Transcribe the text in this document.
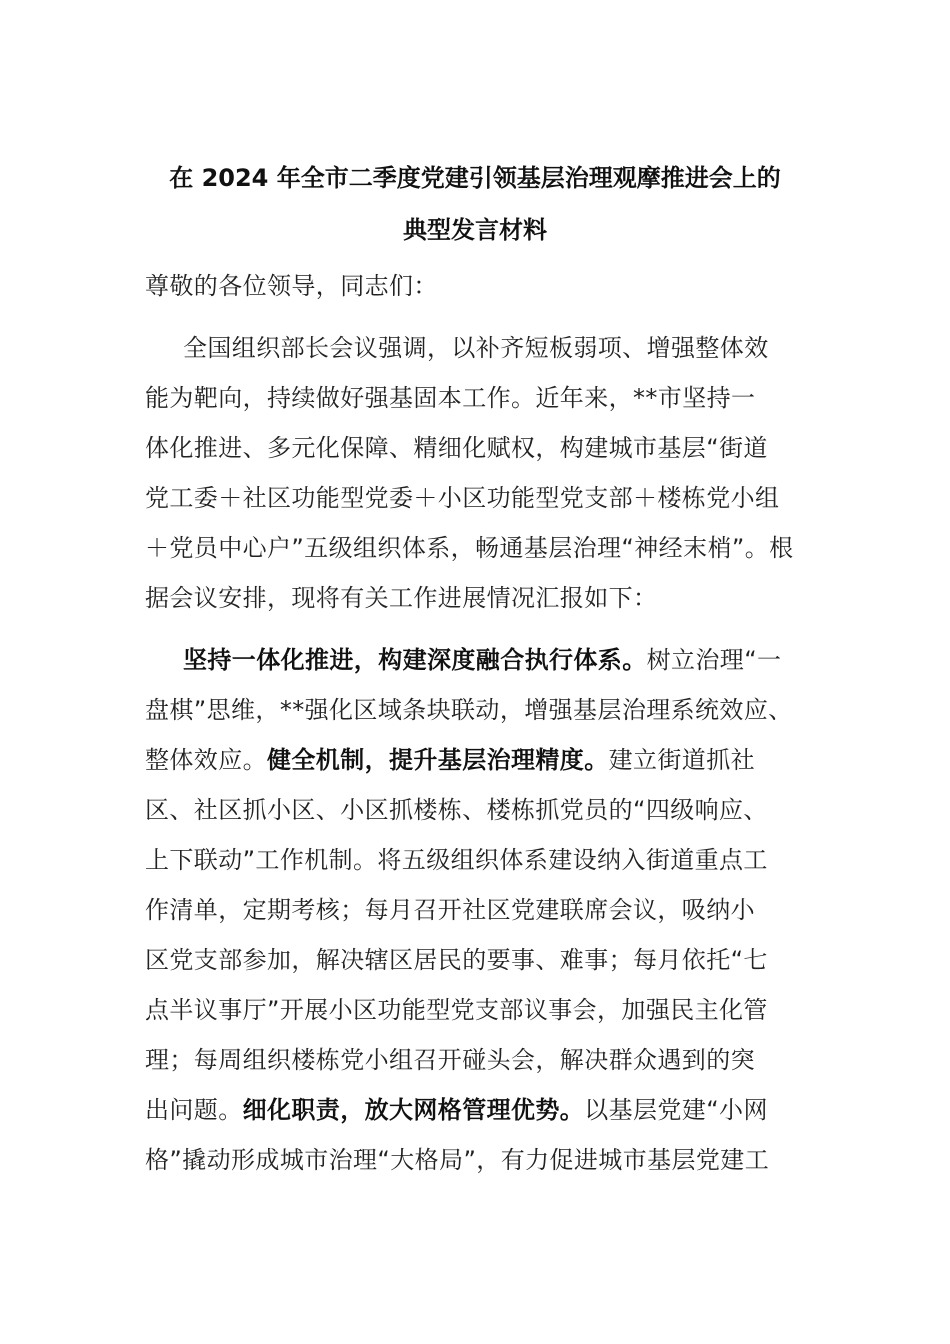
在 2024 年全市二季度党建引领基层治理观摩推进会上的
典型发言材料
尊敬的各位领导，同志们：
全国组织部长会议强调，以补齐短板弱项、增强整体效
能为靶向，持续做好强基固本工作。近年来，**市坚持一
体化推进、多元化保障、精细化赋权，构建城市基层“街道
党工委＋社区功能型党委＋小区功能型党支部＋楼栋党小组
＋党员中心户”五级组织体系，畅通基层治理“神经末梢”。根
据会议安排，现将有关工作进展情况汇报如下：
坚持一体化推进，构建深度融合执行体系。树立治理“一
盘棋”思维，**强化区域条块联动，增强基层治理系统效应、
整体效应。健全机制，提升基层治理精度。建立街道抓社
区、社区抓小区、小区抓楼栋、楼栋抓党员的“四级响应、
上下联动”工作机制。将五级组织体系建设纳入街道重点工
作清单，定期考核；每月召开社区党建联席会议，吸纳小
区党支部参加，解决辖区居民的要事、难事；每月依托“七
点半议事厅”开展小区功能型党支部议事会，加强民主化管
理；每周组织楼栋党小组召开碰头会，解决群众遇到的突
出问题。细化职责，放大网格管理优势。以基层党建“小网
格”撬动形成城市治理“大格局”，有力促进城市基层党建工
